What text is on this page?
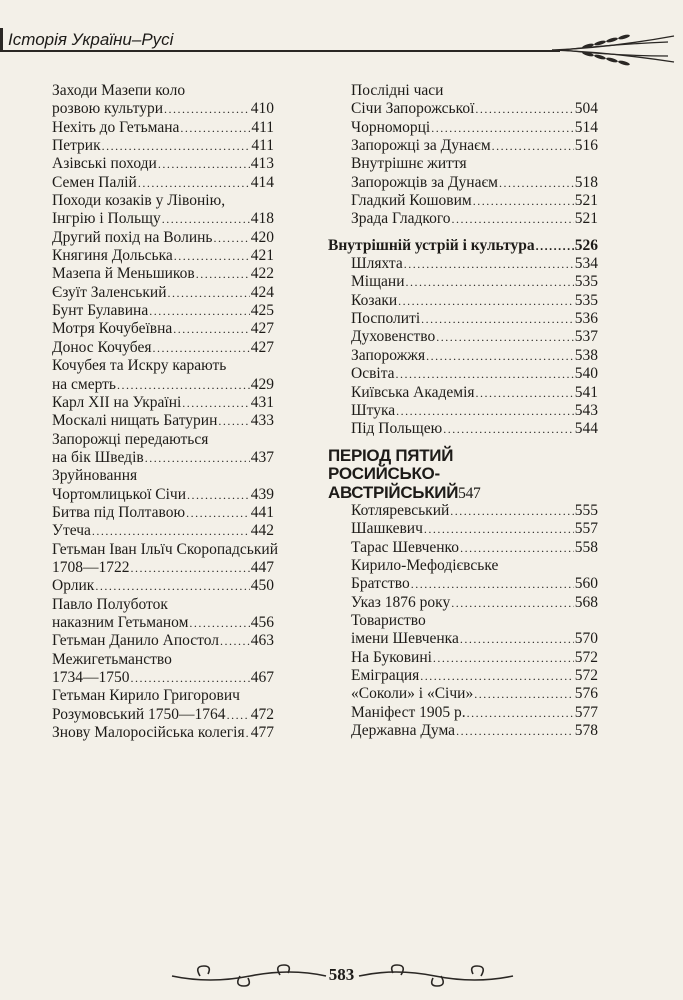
Історія України–Русі
Заходи Мазепи коло
розвою культури .....	410
Нехіть до Гетьмана .....	411
Петрик .....	411
Азівські походи .....	413
Семен Палій .....	414
Походи козаків у Лівонію,
Інгрію і Польщу .....	418
Другий похід на Волинь ..... 420
Княгиня Дольська .....	421
Мазепа й Меньшиков .....	422
Єзуїт Заленський .....	424
Бунт Булавина .....	425
Мотря Кочубеївна .....	427
Донос Кочубея .....	427
Кочубея та Искру карають
на смерть .....	429
Карл XII на Україні .....	431
Москалі нищать Батурин ..... 433
Запорожці передаються
на бік Шведів .....	437
Зруйновання
Чортомлицької Січи .....	439
Битва під Полтавою .....	441
Утеча .....	442
Гетьман Іван Ільїч Скоропадський
1708—1722 .....	447
Орлик .....	450
Павло Полуботок
наказним Гетьманом .....	456
Гетьман Данило Апостол ..... 463
Межигетьманство
1734—1750 .....	467
Гетьман Кирило Григорович
Розумовський 1750—1764 ..... 472
Знову Малоросійська колегія ..... 477
Послідні часи
Січи Запорожської .....	504
Чорноморці .....	514
Запорожці за Дунаєм .....	516
Внутрішнє життя
Запорожців за Дунаєм .....	518
Гладкий Кошовим .....	521
Зрада Гладкого .....	521
Внутрішній устрій і культура .....	526
Шляхта .....	534
Міщани .....	535
Козаки .....	535
Посполиті .....	536
Духовенство .....	537
Запорожжя .....	538
Освіта .....	540
Київська Академія .....	541
Штука .....	543
Під Польщею .....	544
ПЕРІОД ПЯТИЙ
РОСИЙСЬКО-
АВСТРІЙСЬКИЙ 547
Котляревський .....	555
Шашкевич .....	557
Тарас Шевченко .....	558
Кирило-Мефодієвське
Братство .....	560
Указ 1876 року .....	568
Товариство
імени Шевченка .....	570
На Буковині .....	572
Еміграция .....	572
«Соколи» і «Січи» .....	576
Маніфест 1905 р. .....	577
Державна Дума .....	578
583
